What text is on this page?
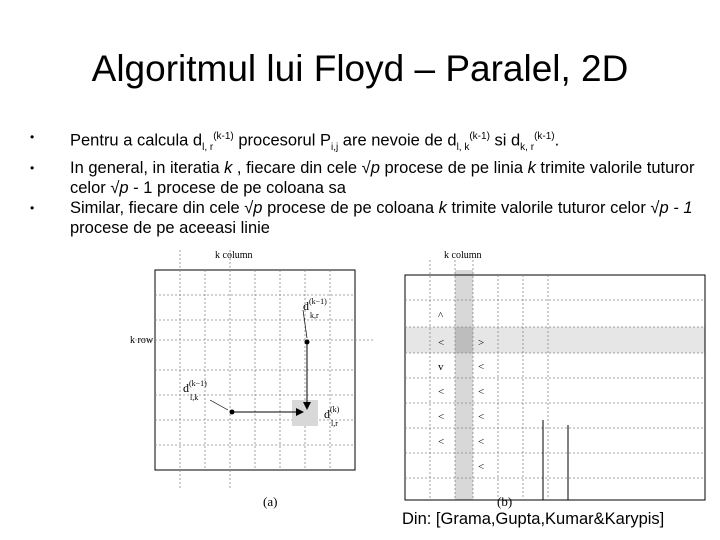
Algoritmul lui Floyd – Paralel, 2D
• Pentru a calcula $d_{l, r}^{(k-1)}$ procesorul $P_{i,j}$ are nevoie de $d_{l, k}^{(k-1)}$ si $d_{k, r}^{(k-1)}$.
• In general, in iteratia k , fiecare din cele √p procese de pe linia k trimite valorile tuturor celor √p - 1 procese de pe coloana sa
• Similar, fiecare din cele √p procese de pe coloana k trimite valorile tuturor celor √p - 1 procese de pe aceeasi linie
k column
k row
$d^{(k-1)}$
k,r
$d^{(k-1)}$
l,k
$d^{(k)}$
l,r
(a)
^
<	>
v	<
<	<
<	<
<	<
<
k column
(b)
Din: [Grama,Gupta,Kumar&Karypis]
